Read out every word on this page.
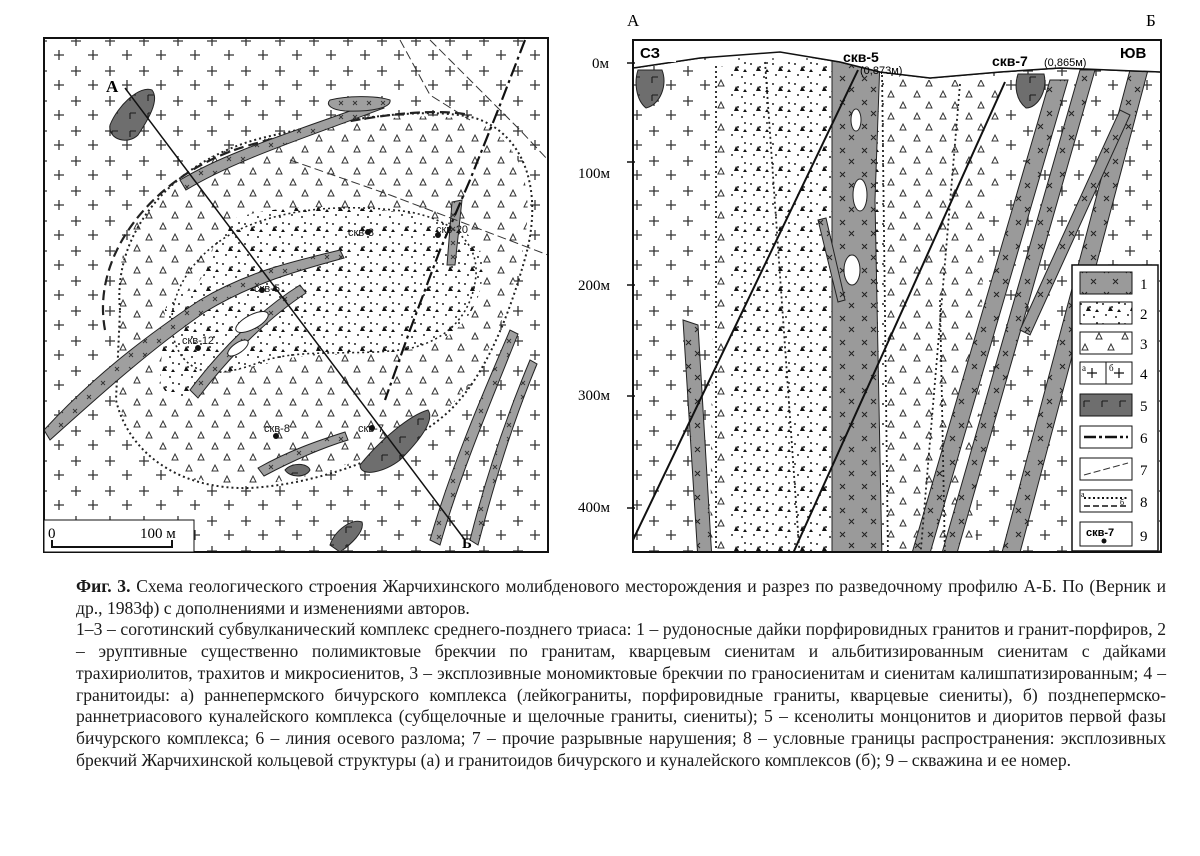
А
Б
скв-5
скв-3	скв-20
скв-12
скв-7
скв-8
0	100 м
А	Б
СЗ	ЮВ
скв-5
(0,873м)
скв-7 (0,865м)
0м
100м
200м
300м
400м
1
2
3
а	б 4
5
6
7
а
б 8
скв-7 9

Фиг. 3. Схема геологического строения Жарчихинского молибденового месторождения и разрез по разведочному профилю А-Б. По (Верник и др., 1983ф) с дополнениями и изменениями авторов.

1–3 – соготинский субвулканический комплекс среднего-позднего триаса: 1 – рудоносные дайки порфировидных гранитов и гранит-порфиров, 2 – эруптивные существенно полимиктовые брекчии по гранитам, кварцевым сиенитам и альбитизированным сиенитам с дайками трахириолитов, трахитов и микросиенитов, 3 – эксплозивные мономиктовые брекчии по граносиенитам и сиенитам калишпатизированным; 4 – гранитоиды: а) раннепермского бичурского комплекса (лейкограниты, порфировидные граниты, кварцевые сиениты), б) позднепермско-раннетриасового куналейского комплекса (субщелочные и щелочные граниты, сиениты); 5 – ксенолиты монцонитов и диоритов первой фазы бичурского комплекса; 6 – линия осевого разлома; 7 – прочие разрывные нарушения; 8 – условные границы распространения: эксплозивных брекчий Жарчихинской кольцевой структуры (а) и гранитоидов бичурского и куналейского комплексов (б); 9 – скважина и ее номер.
